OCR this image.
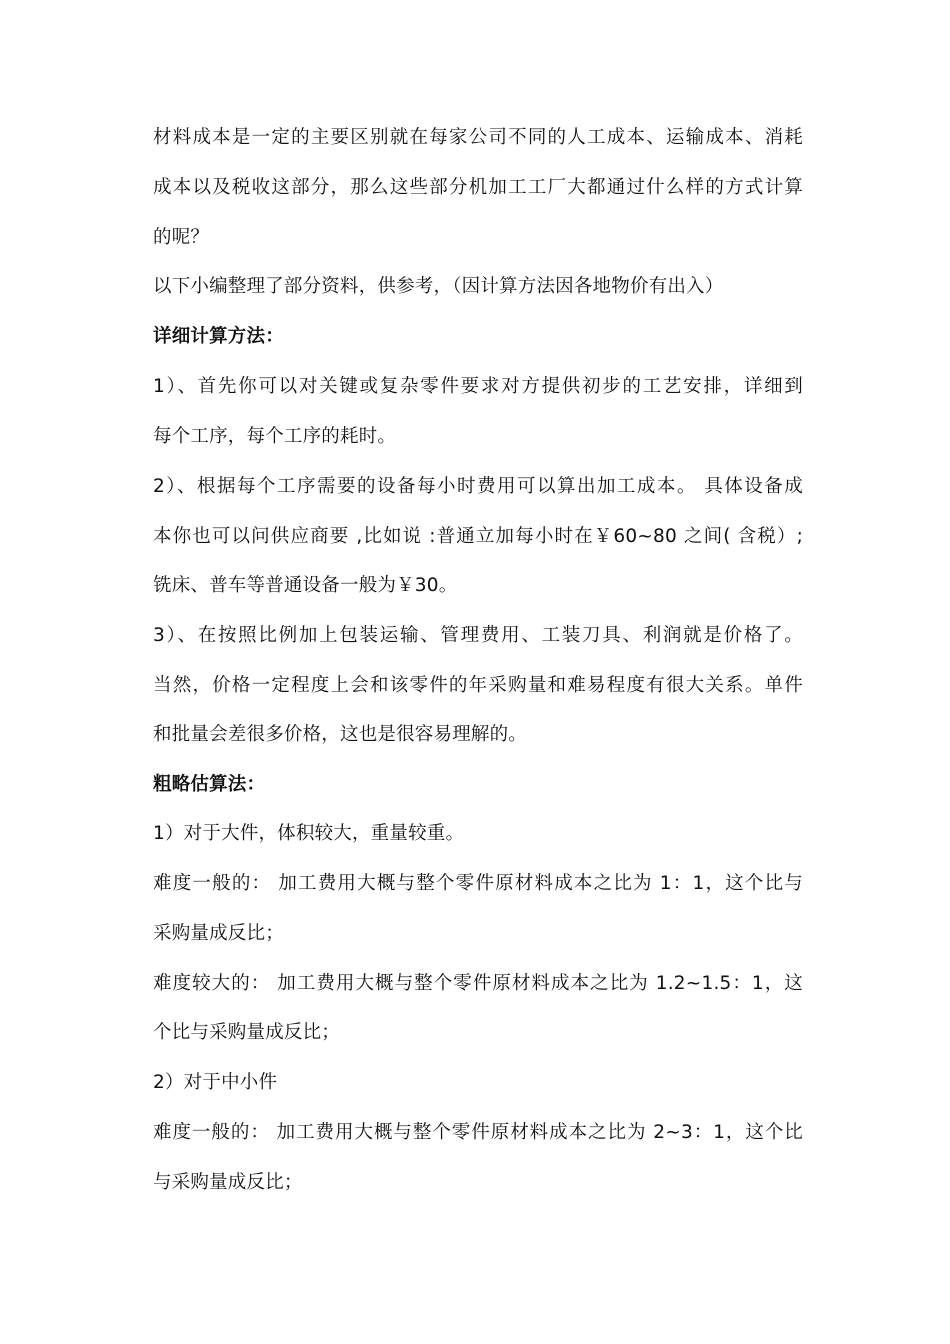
材料成本是一定的主要区别就在每家公司不同的人工成本、运输成本、消耗
成本以及税收这部分，那么这些部分机加工工厂大都通过什么样的方式计算
的呢？
以下小编整理了部分资料，供参考，（因计算方法因各地物价有出入）
详细计算方法：
1）、首先你可以对关键或复杂零件要求对方提供初步的工艺安排，详细到
每个工序，每个工序的耗时。
2）、根据每个工序需要的设备每小时费用可以算出加工成本。 具体设备成
本你也可以问供应商要 ,比如说 :普通立加每小时在￥60~80 之间( 含税）;
铣床、普车等普通设备一般为￥30。
3）、在按照比例加上包装运输、管理费用、工装刀具、利润就是价格了。
当然，价格一定程度上会和该零件的年采购量和难易程度有很大关系。单件
和批量会差很多价格，这也是很容易理解的。
粗略估算法：
1）对于大件，体积较大，重量较重。
难度一般的： 加工费用大概与整个零件原材料成本之比为 1：1，这个比与
采购量成反比；
难度较大的： 加工费用大概与整个零件原材料成本之比为 1.2~1.5：1，这
个比与采购量成反比；
2）对于中小件
难度一般的： 加工费用大概与整个零件原材料成本之比为 2~3：1，这个比
与采购量成反比；
